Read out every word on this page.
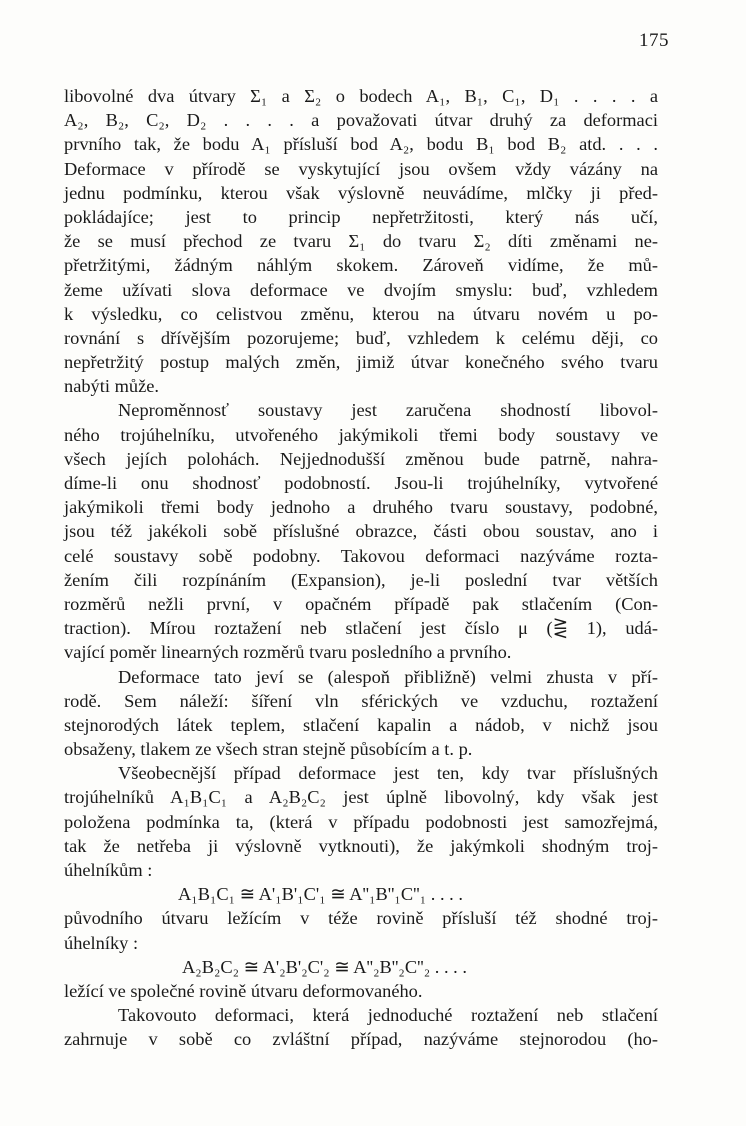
175
libovolné dva útvary Σ₁ a Σ₂ o bodech A₁, B₁, C₁, D₁ . . . . a
A₂, B₂, C₂, D₂ . . . . a považovati útvar druhý za deformaci
prvního tak, že bodu A₁ přísluší bod A₂, bodu B₁ bod B₂ atd. . . .
Deformace v přírodě se vyskytující jsou ovšem vždy vázány na
jednu podmínku, kterou však výslovně neuvádíme, mlčky ji před-
pokládajíce; jest to princip nepřetržitosti, který nás učí,
že se musí přechod ze tvaru Σ₁ do tvaru Σ₂ díti změnami ne-
přetržitými, žádným náhlým skokem. Zároveň vidíme, že mů-
žeme užívati slova deformace ve dvojím smyslu: buď, vzhledem
k výsledku, co celistvou změnu, kterou na útvaru novém u po-
rovnání s dřívějším pozorujeme; buď, vzhledem k celému ději, co
nepřetržitý postup malých změn, jimiž útvar konečného svého tvaru
nabýti může.
Neproměnnosť soustavy jest zaručena shodností libovol-
ného trojúhelníku, utvořeného jakýmikoli třemi body soustavy ve
všech jejích polohách. Nejjednodušší změnou bude patrně, nahra-
díme-li onu shodnosť podobností. Jsou-li trojúhelníky, vytvořené
jakýmikoli třemi body jednoho a druhého tvaru soustavy, podobné,
jsou též jakékoli sobě příslušné obrazce, části obou soustav, ano i
celé soustavy sobě podobny. Takovou deformaci nazýváme rozta-
žením čili rozpínáním (Expansion), je-li poslední tvar větších
rozměrů nežli první, v opačném případě pak stlačením (Con-
traction). Mírou roztažení neb stlačení jest číslo μ (⋛ 1), udá-
vající poměr linearných rozměrů tvaru posledního a prvního.
Deformace tato jeví se (alespoň přibližně) velmi zhusta v pří-
rodě. Sem náleží: šíření vln sférických ve vzduchu, roztažení
stejnorodých látek teplem, stlačení kapalin a nádob, v nichž jsou
obsaženy, tlakem ze všech stran stejně působícím a t. p.
Všeobecnější případ deformace jest ten, kdy tvar příslušných
trojúhelníků A₁B₁C₁ a A₂B₂C₂ jest úplně libovolný, kdy však jest
položena podmínka ta, (která v případu podobnosti jest samozřejmá,
tak že netřeba ji výslovně vytknouti), že jakýmkoli shodným troj-
úhelníkům :
A₁B₁C₁ ≅ A'₁B'₁C'₁ ≅ A''₁B''₁C''₁ . . . .
původního útvaru ležícím v téže rovině přísluší též shodné troj-
úhelníky :
A₂B₂C₂ ≅ A'₂B'₂C'₂ ≅ A''₂B''₂C''₂ . . . .
ležící ve společné rovině útvaru deformovaného.
Takovouto deformaci, která jednoduché roztažení neb stlačení
zahrnuje v sobě co zvláštní případ, nazýváme stejnorodou (ho-
